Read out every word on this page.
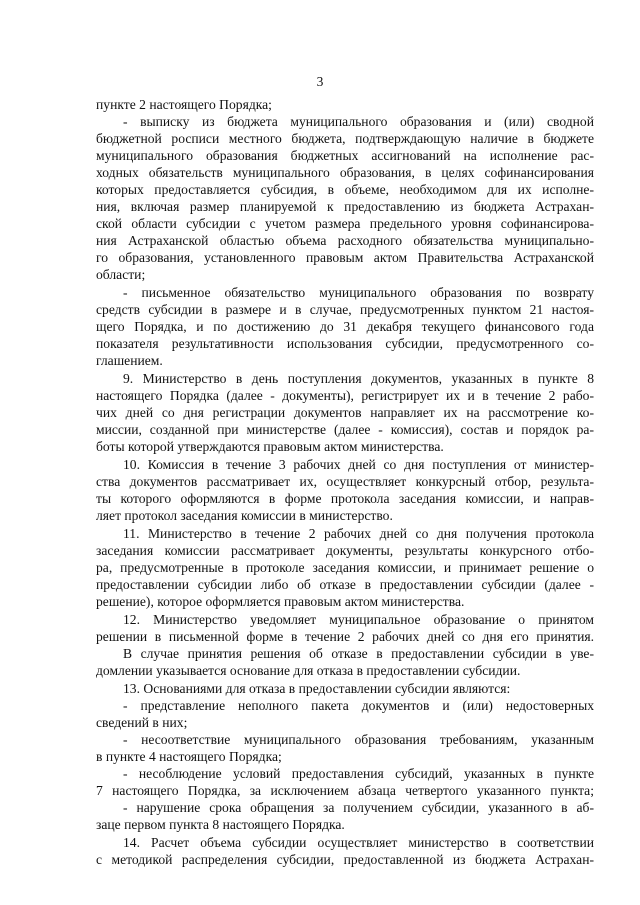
3

пункте 2 настоящего Порядка;

- выписку из бюджета муниципального образования и (или) сводной

бюджетной росписи местного бюджета, подтверждающую наличие в бюджете

муниципального образования бюджетных ассигнований на исполнение рас-

ходных обязательств муниципального образования, в целях софинансирования

которых предоставляется субсидия, в объеме, необходимом для их исполне-

ния, включая размер планируемой к предоставлению из бюджета Астрахан-

ской области субсидии с учетом размера предельного уровня софинансирова-

ния Астраханской областью объема расходного обязательства муниципально-

го образования, установленного правовым актом Правительства Астраханской

области;

- письменное обязательство муниципального образования по возврату

средств субсидии в размере и в случае, предусмотренных пунктом 21 настоя-

щего Порядка, и по достижению до 31 декабря текущего финансового года

показателя результативности использования субсидии, предусмотренного со-

глашением.

9. Министерство в день поступления документов, указанных в пункте 8

настоящего Порядка (далее - документы), регистрирует их и в течение 2 рабо-

чих дней со дня регистрации документов направляет их на рассмотрение ко-

миссии, созданной при министерстве (далее - комиссия), состав и порядок ра-

боты которой утверждаются правовым актом министерства.

10. Комиссия в течение 3 рабочих дней со дня поступления от министер-

ства документов рассматривает их, осуществляет конкурсный отбор, результа-

ты которого оформляются в форме протокола заседания комиссии, и направ-

ляет протокол заседания комиссии в министерство.

11. Министерство в течение 2 рабочих дней со дня получения протокола

заседания комиссии рассматривает документы, результаты конкурсного отбо-

ра, предусмотренные в протоколе заседания комиссии, и принимает решение о

предоставлении субсидии либо об отказе в предоставлении субсидии (далее -

решение), которое оформляется правовым актом министерства.

12. Министерство уведомляет муниципальное образование о принятом

решении в письменной форме в течение 2 рабочих дней со дня его принятия.

В случае принятия решения об отказе в предоставлении субсидии в уве-

домлении указывается основание для отказа в предоставлении субсидии.

13. Основаниями для отказа в предоставлении субсидии являются:

- представление неполного пакета документов и (или) недостоверных

сведений в них;

- несоответствие муниципального образования требованиям, указанным

в пункте 4 настоящего Порядка;

- несоблюдение условий предоставления субсидий, указанных в пункте

7 настоящего Порядка, за исключением абзаца четвертого указанного пункта;

- нарушение срока обращения за получением субсидии, указанного в аб-

заце первом пункта 8 настоящего Порядка.

14. Расчет объема субсидии осуществляет министерство в соответствии

с методикой распределения субсидии, предоставленной из бюджета Астрахан-
